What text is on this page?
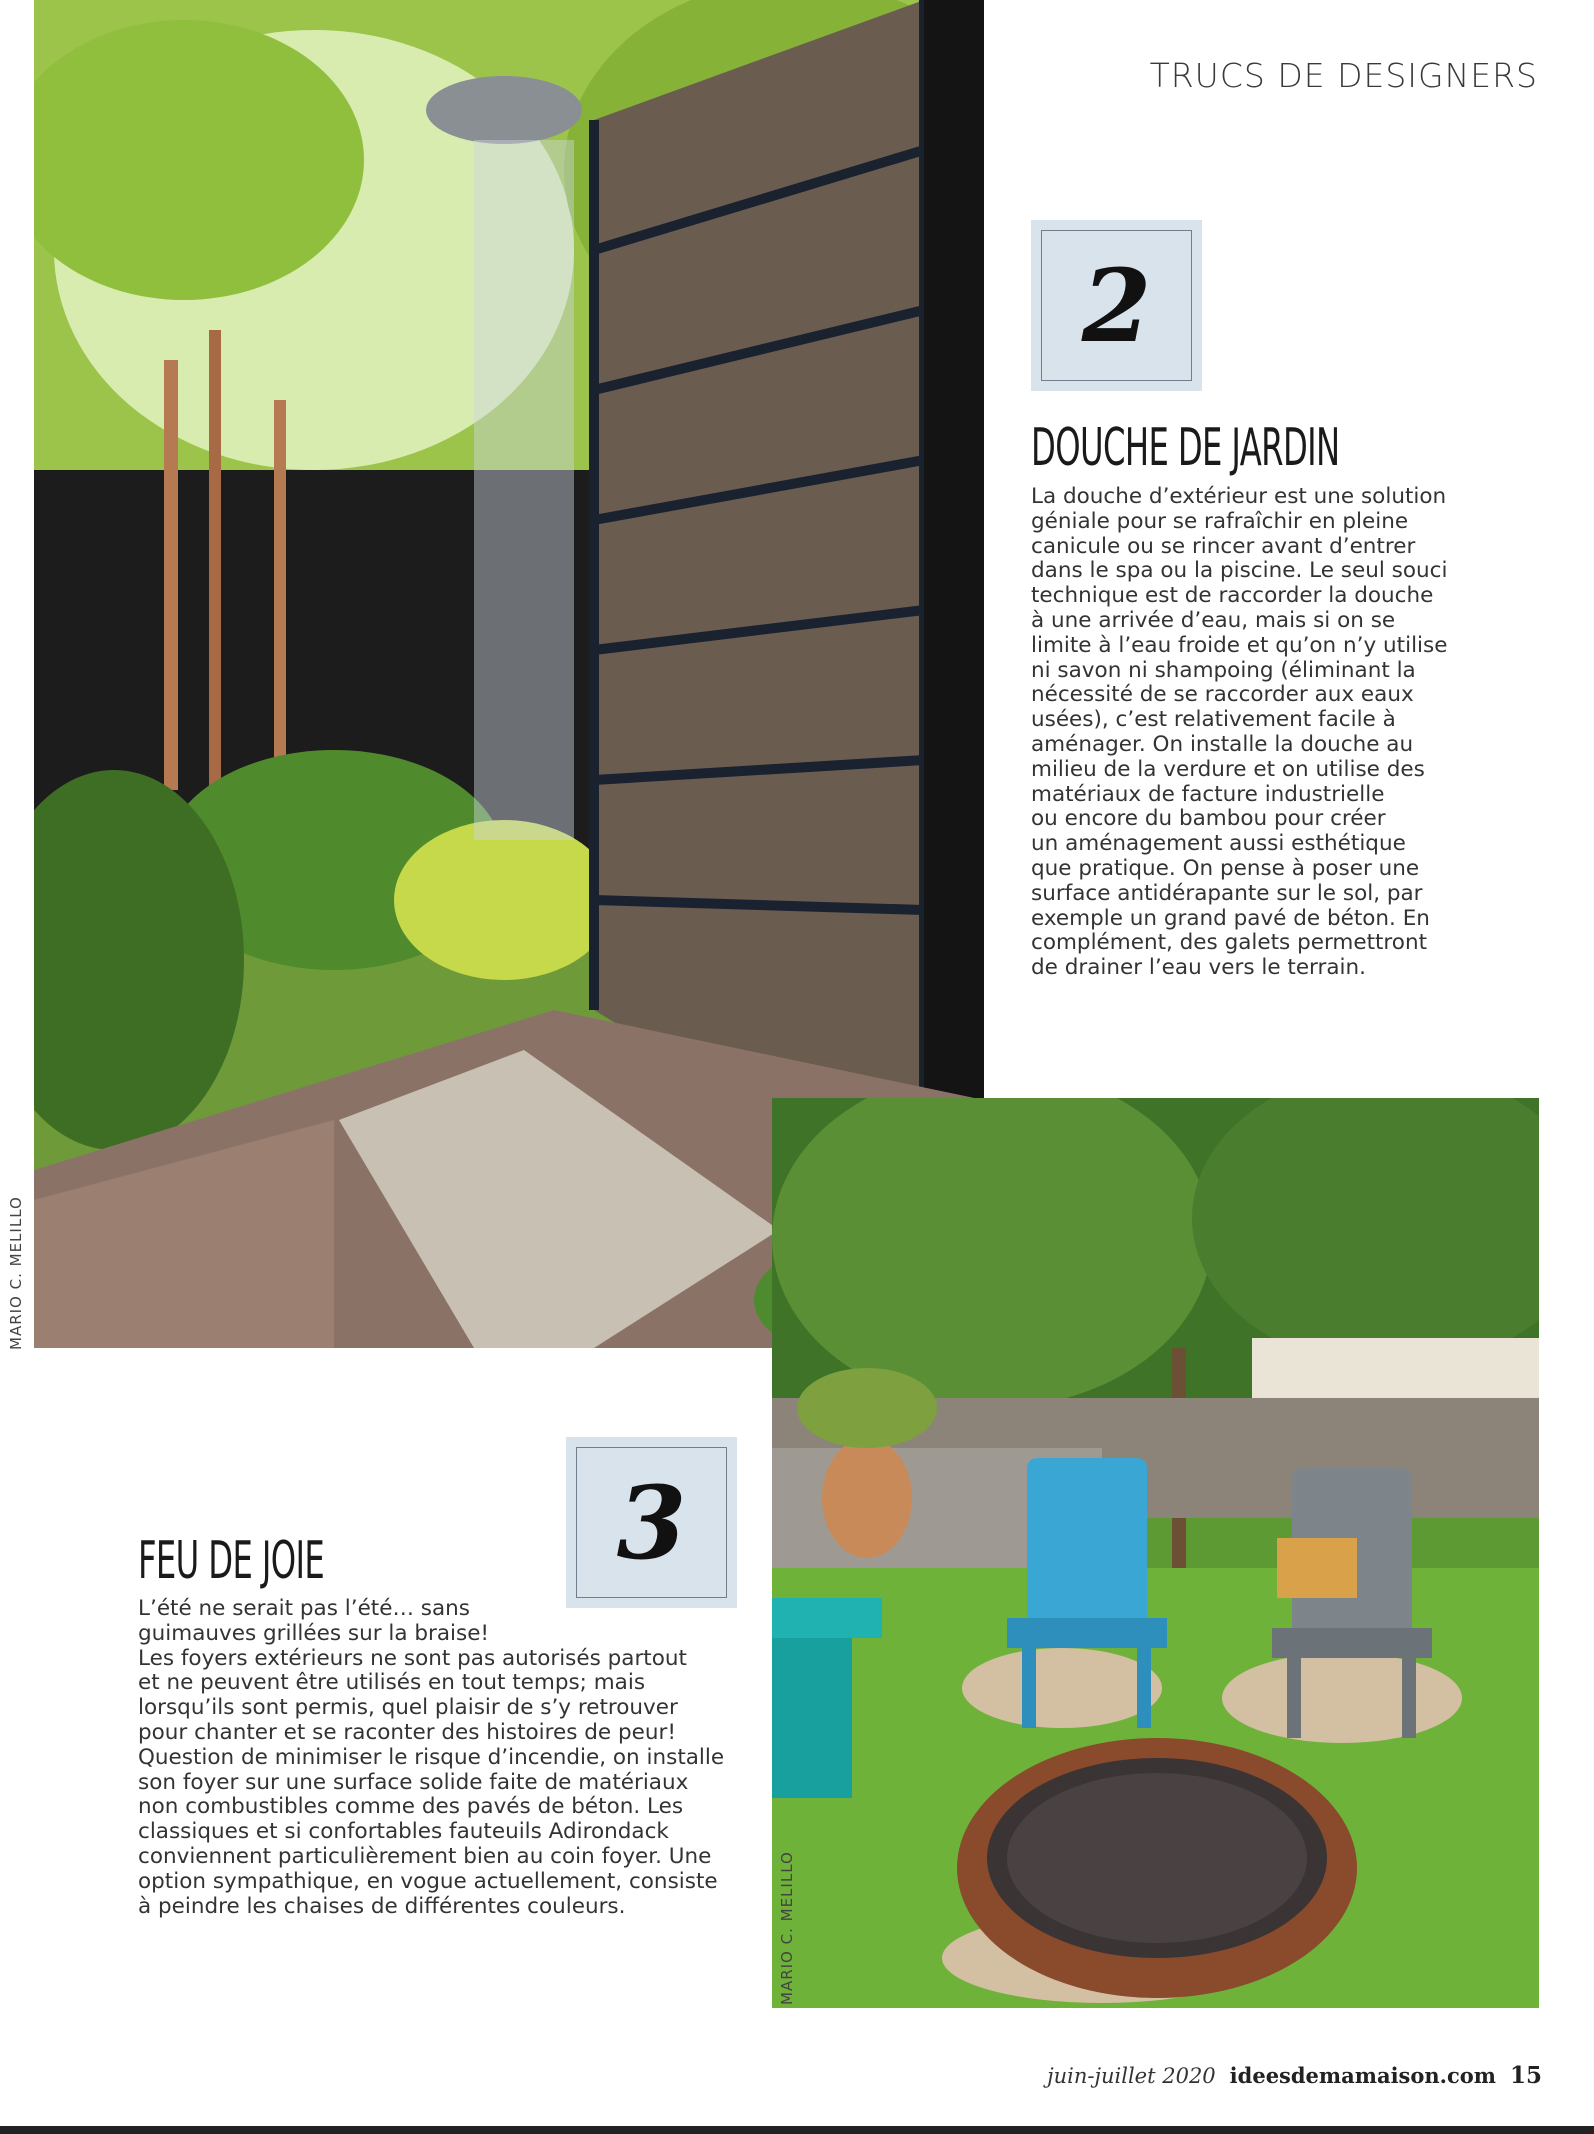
TRUCS DE DESIGNERS
MARIO C. MELILLO
2
DOUCHE DE JARDIN
La douche d’extérieur est une solution
géniale pour se rafraîchir en pleine
canicule ou se rincer avant d’entrer
dans le spa ou la piscine. Le seul souci
technique est de raccorder la douche
à une arrivée d’eau, mais si on se
limite à l’eau froide et qu’on n’y utilise
ni savon ni shampoing (éliminant la
nécessité de se raccorder aux eaux
usées), c’est relativement facile à
aménager. On installe la douche au
milieu de la verdure et on utilise des
matériaux de facture industrielle
ou encore du bambou pour créer
un aménagement aussi esthétique
que pratique. On pense à poser une
surface antidérapante sur le sol, par
exemple un grand pavé de béton. En
complément, des galets permettront
de drainer l’eau vers le terrain.
MARIO C. MELILLO
3
FEU DE JOIE
L’été ne serait pas l’été… sans
guimauves grillées sur la braise!
Les foyers extérieurs ne sont pas autorisés partout
et ne peuvent être utilisés en tout temps; mais
lorsqu’ils sont permis, quel plaisir de s’y retrouver
pour chanter et se raconter des histoires de peur!
Question de minimiser le risque d’incendie, on installe
son foyer sur une surface solide faite de matériaux
non combustibles comme des pavés de béton. Les
classiques et si confortables fauteuils Adirondack
conviennent particulièrement bien au coin foyer. Une
option sympathique, en vogue actuellement, consiste
à peindre les chaises de différentes couleurs.
juin-juillet 2020 ideesdemamaison.com 15
